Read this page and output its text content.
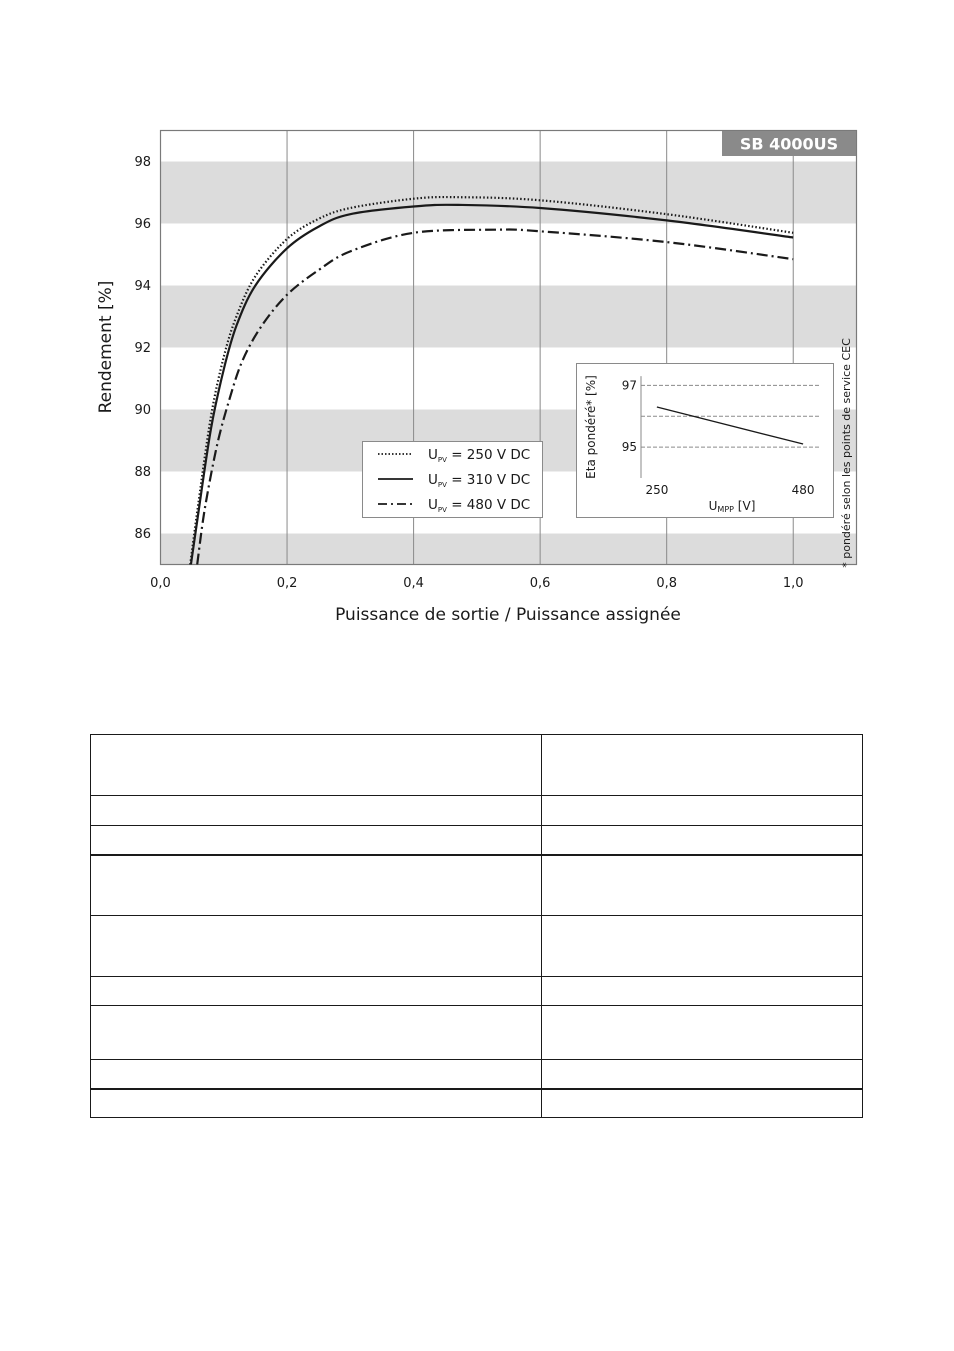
SB 4000US
0,0	0,2	0,4	0,6	0,8	1,0
86
88
90
92
94
96
98
Puissance de sortie / Puissance assignée
Rendement [%]
$U_{PV} = 250$ V DC
$U_{PV} = 310$ V DC
$U_{PV} = 480$ V DC
97
95
250	480
Eta pondéré* [%]
UMPP [V]	* pondéré selon les points de service CEC
